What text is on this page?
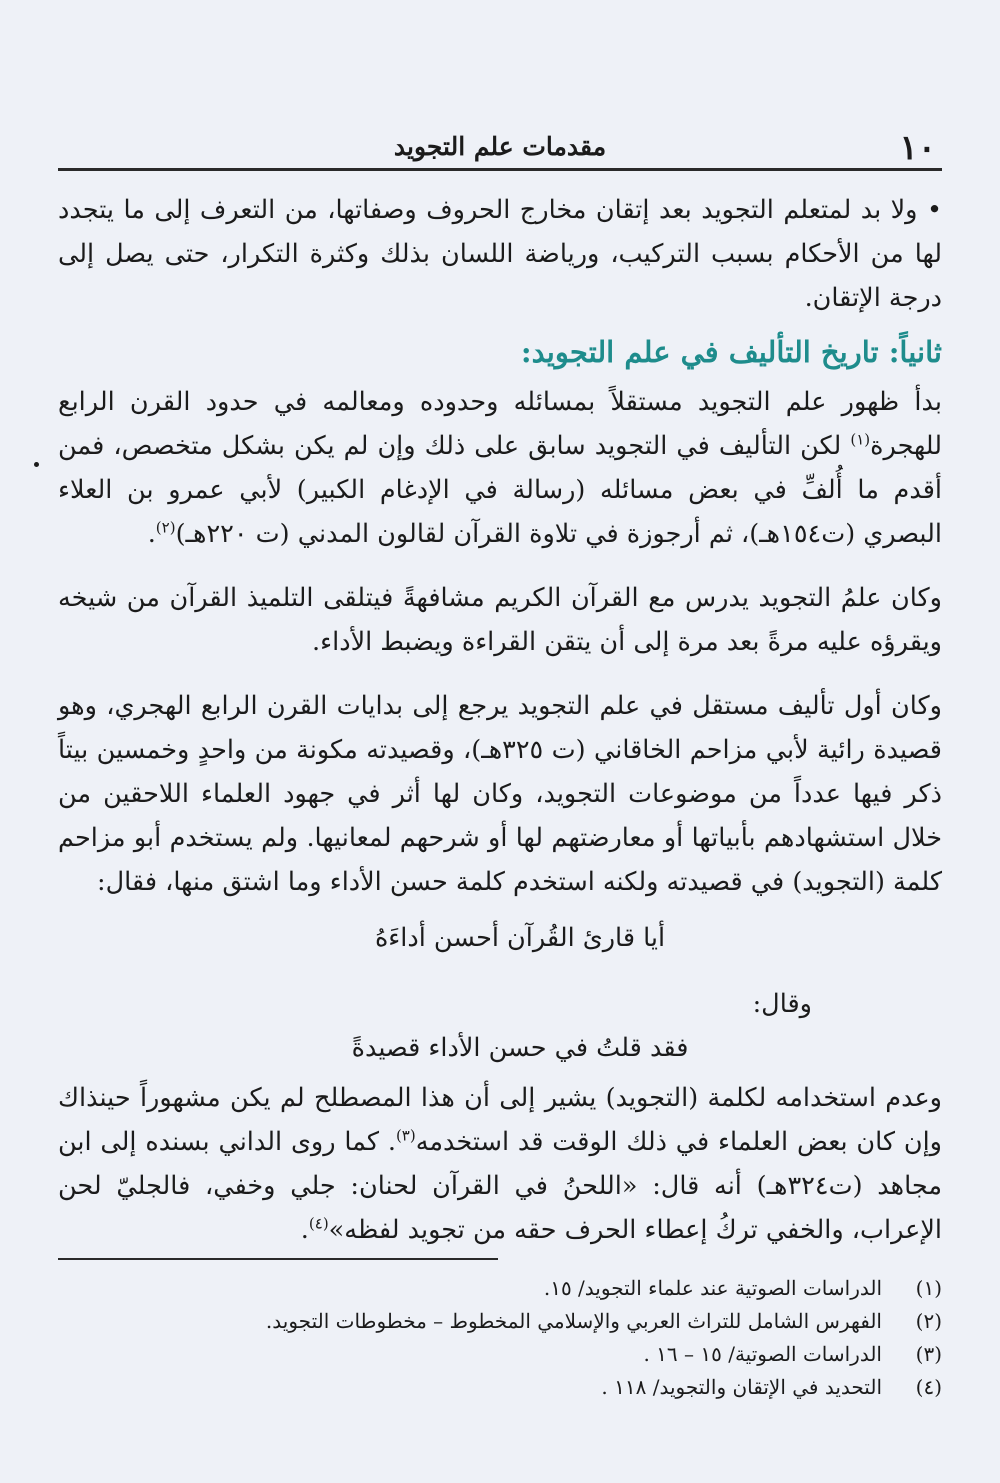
١٠
مقدمات علم التجويد

• ولا بد لمتعلم التجويد بعد إتقان مخارج الحروف وصفاتها، من التعرف إلى ما يتجدد لها من الأحكام بسبب التركيب، ورياضة اللسان بذلك وكثرة التكرار، حتى يصل إلى درجة الإتقان.

ثانياً: تاريخ التأليف في علم التجويد:

بدأ ظهور علم التجويد مستقلاً بمسائله وحدوده ومعالمه في حدود القرن الرابع للهجرة$^{(١)}$ لكن التأليف في التجويد سابق على ذلك وإن لم يكن بشكل متخصص، فمن أقدم ما أُلفِّ في بعض مسائله (رسالة في الإدغام الكبير) لأبي عمرو بن العلاء البصري (ت١٥٤هـ)، ثم أرجوزة في تلاوة القرآن لقالون المدني (ت ٢٢٠هـ)$^{(٢)}$.

وكان علمُ التجويد يدرس مع القرآن الكريم مشافهةً فيتلقى التلميذ القرآن من شيخه ويقرؤه عليه مرةً بعد مرة إلى أن يتقن القراءة ويضبط الأداء.

وكان أول تأليف مستقل في علم التجويد يرجع إلى بدايات القرن الرابع الهجري، وهو قصيدة رائية لأبي مزاحم الخاقاني (ت ٣٢٥هـ)، وقصيدته مكونة من واحدٍ وخمسين بيتاً ذكر فيها عدداً من موضوعات التجويد، وكان لها أثر في جهود العلماء اللاحقين من خلال استشهادهم بأبياتها أو معارضتهم لها أو شرحهم لمعانيها. ولم يستخدم أبو مزاحم كلمة (التجويد) في قصيدته ولكنه استخدم كلمة حسن الأداء وما اشتق منها، فقال:

أيا قارئ القُرآن أحسن أداءَهُ

وقال:

فقد قلتُ في حسن الأداء قصيدةً

وعدم استخدامه لكلمة (التجويد) يشير إلى أن هذا المصطلح لم يكن مشهوراً حينذاك وإن كان بعض العلماء في ذلك الوقت قد استخدمه$^{(٣)}$. كما روى الداني بسنده إلى ابن مجاهد (ت٣٢٤هـ) أنه قال: «اللحنُ في القرآن لحنان: جلي وخفي، فالجليّ لحن الإعراب، والخفي تركُ إعطاء الحرف حقه من تجويد لفظه»$^{(٤)}$.

(١)
الدراسات الصوتية عند علماء التجويد/ ١٥.
(٢)
الفهرس الشامل للتراث العربي والإسلامي المخطوط – مخطوطات التجويد.
(٣)
الدراسات الصوتية/ ١٥ – ١٦ .
(٤)
التحديد في الإتقان والتجويد/ ١١٨ .
